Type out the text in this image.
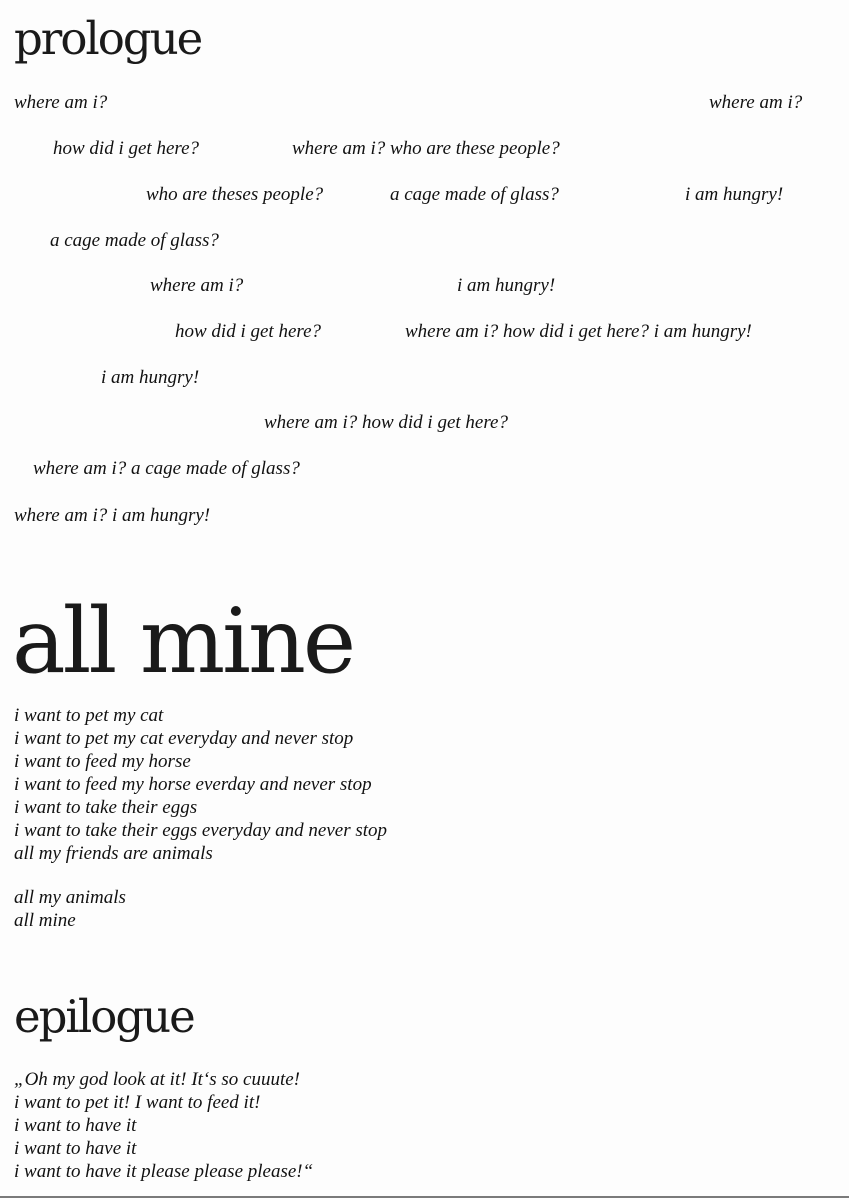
prologue
where am i?	where am i?
how did i get here?	where am i? who are these people?
who are theses people?	a cage made of glass?	i am hungry!
a cage made of glass?
where am i?	i am hungry!
how did i get here?	where am i? how did i get here? i am hungry!
i am hungry!
where am i? how did i get here?
where am i? a cage made of glass?
where am i? i am hungry!
all mine
i want to pet my cat
i want to pet my cat everyday and never stop
i want to feed my horse
i want to feed my horse everday and never stop
i want to take their eggs
i want to take their eggs everyday and never stop
all my friends are animals
all my animals
all mine
epilogue
„Oh my god look at it! It‘s so cuuute!
i want to pet it! I want to feed it!
i want to have it
i want to have it
i want to have it please please please!“
